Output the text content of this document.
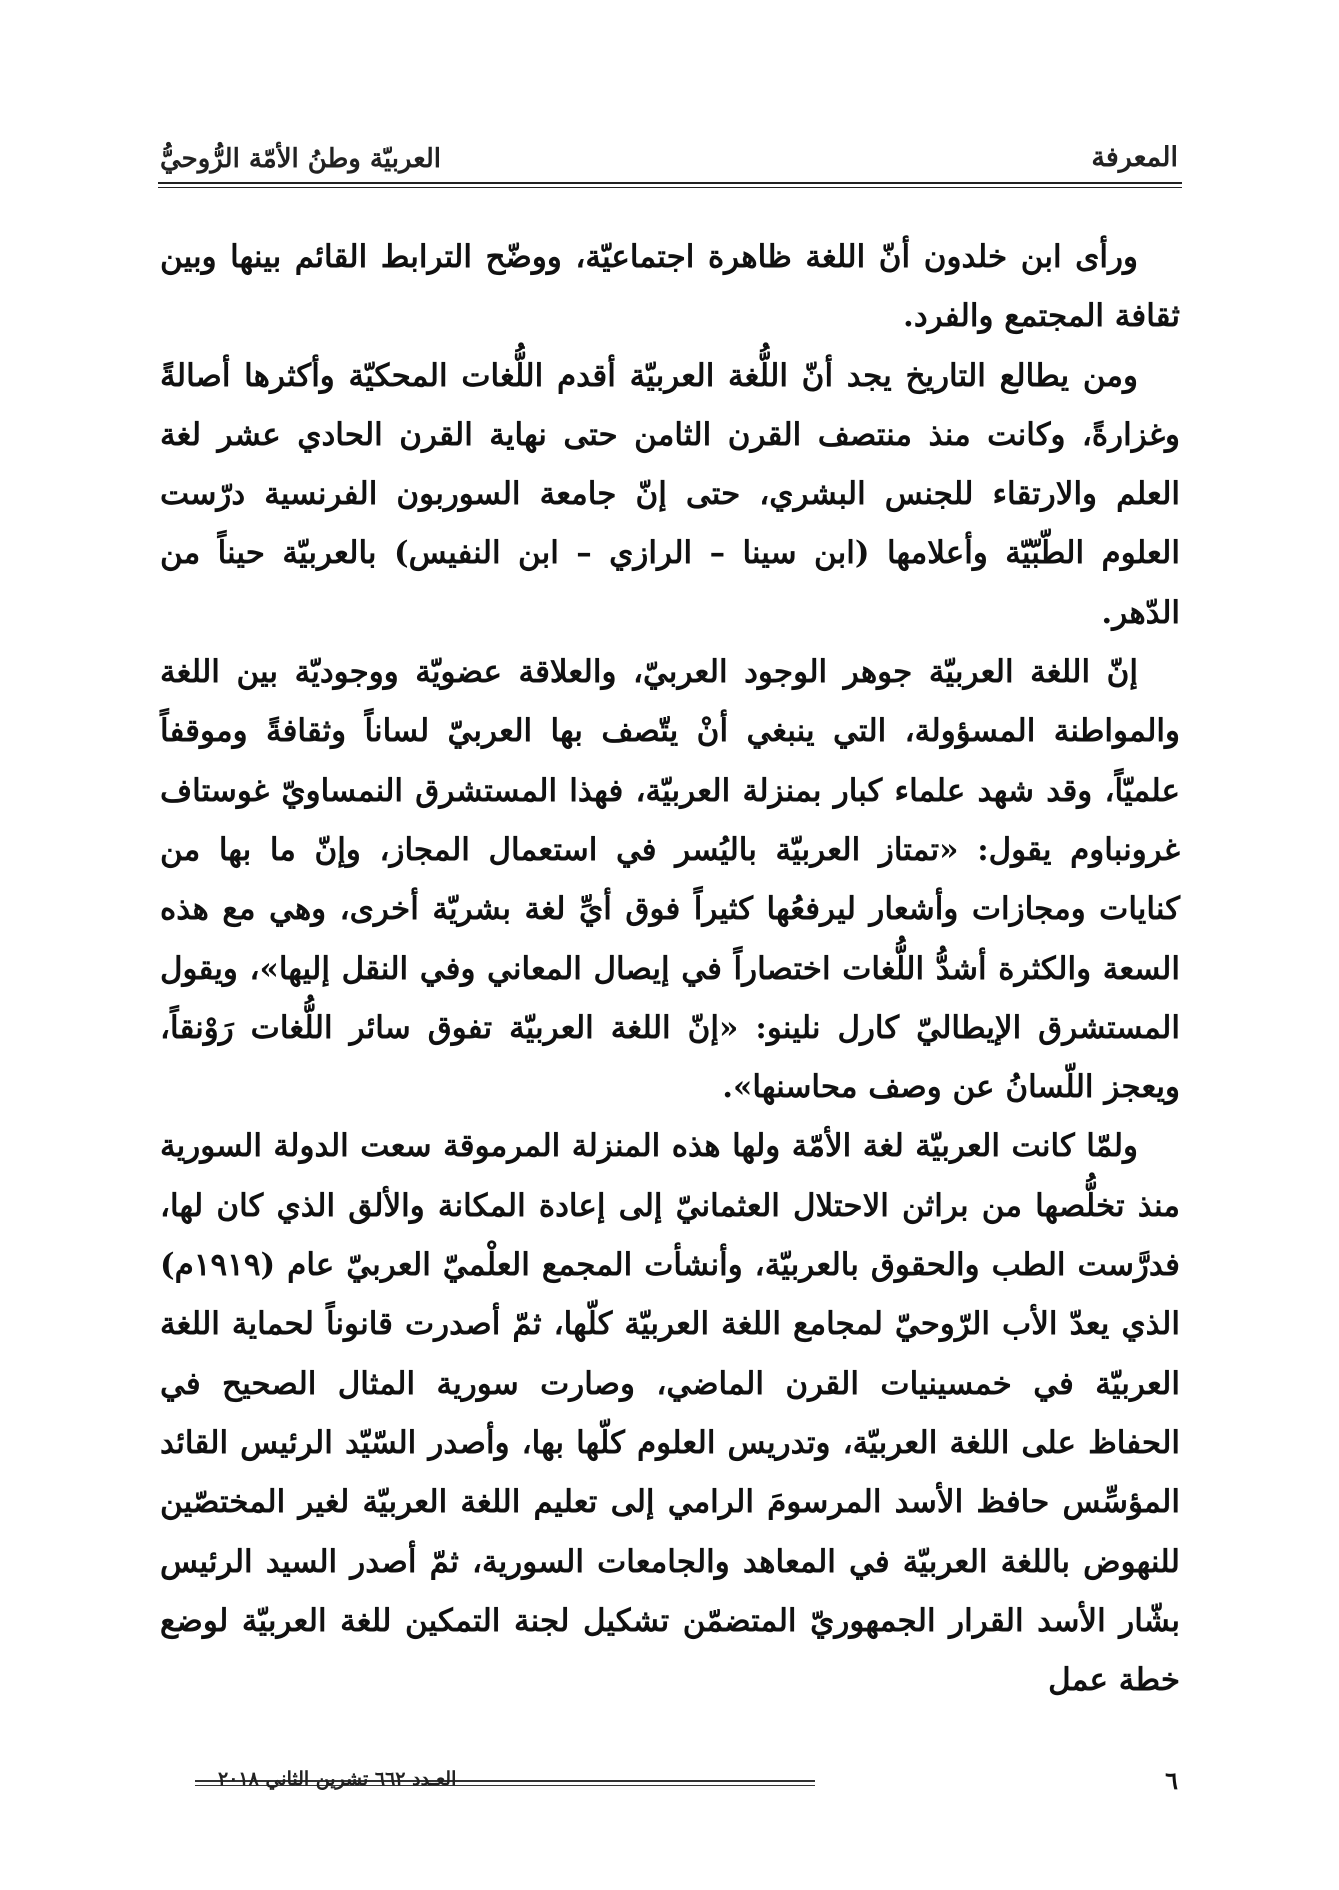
المعرفة
العربيّة وطنُ الأمّة الرُّوحيُّ

ورأى ابن خلدون أنّ اللغة ظاهرة اجتماعيّة، ووضّح الترابط القائم بينها وبين ثقافة المجتمع والفرد.

ومن يطالع التاريخ يجد أنّ اللُّغة العربيّة أقدم اللُّغات المحكيّة وأكثرها أصالةً وغزارةً، وكانت منذ منتصف القرن الثامن حتى نهاية القرن الحادي عشر لغة العلم والارتقاء للجنس البشري، حتى إنّ جامعة السوربون الفرنسية درّست العلوم الطّبّيّة وأعلامها (ابن سينا – الرازي – ابن النفيس) بالعربيّة حيناً من الدّهر.

إنّ اللغة العربيّة جوهر الوجود العربيّ، والعلاقة عضويّة ووجوديّة بين اللغة والمواطنة المسؤولة، التي ينبغي أنْ يتّصف بها العربيّ لساناً وثقافةً وموقفاً علميّاً، وقد شهد علماء كبار بمنزلة العربيّة، فهذا المستشرق النمساويّ غوستاف غرونباوم يقول: «تمتاز العربيّة باليُسر في استعمال المجاز، وإنّ ما بها من كنايات ومجازات وأشعار ليرفعُها كثيراً فوق أيِّ لغة بشريّة أخرى، وهي مع هذه السعة والكثرة أشدُّ اللُّغات اختصاراً في إيصال المعاني وفي النقل إليها»، ويقول المستشرق الإيطاليّ كارل نلينو: «إنّ اللغة العربيّة تفوق سائر اللُّغات رَوْنقاً، ويعجز اللّسانُ عن وصف محاسنها».

ولمّا كانت العربيّة لغة الأمّة ولها هذه المنزلة المرموقة سعت الدولة السورية منذ تخلُّصها من براثن الاحتلال العثمانيّ إلى إعادة المكانة والألق الذي كان لها، فدرَّست الطب والحقوق بالعربيّة، وأنشأت المجمع العلْميّ العربيّ عام (١٩١٩م) الذي يعدّ الأب الرّوحيّ لمجامع اللغة العربيّة كلّها، ثمّ أصدرت قانوناً لحماية اللغة العربيّة في خمسينيات القرن الماضي، وصارت سورية المثال الصحيح في الحفاظ على اللغة العربيّة، وتدريس العلوم كلّها بها، وأصدر السّيّد الرئيس القائد المؤسِّس حافظ الأسد المرسومَ الرامي إلى تعليم اللغة العربيّة لغير المختصّين للنهوض باللغة العربيّة في المعاهد والجامعات السورية، ثمّ أصدر السيد الرئيس بشّار الأسد القرار الجمهوريّ المتضمّن تشكيل لجنة التمكين للغة العربيّة لوضع خطة عمل

٦
العـدد ٦٦٢ تشرين الثاني ٢٠١٨
